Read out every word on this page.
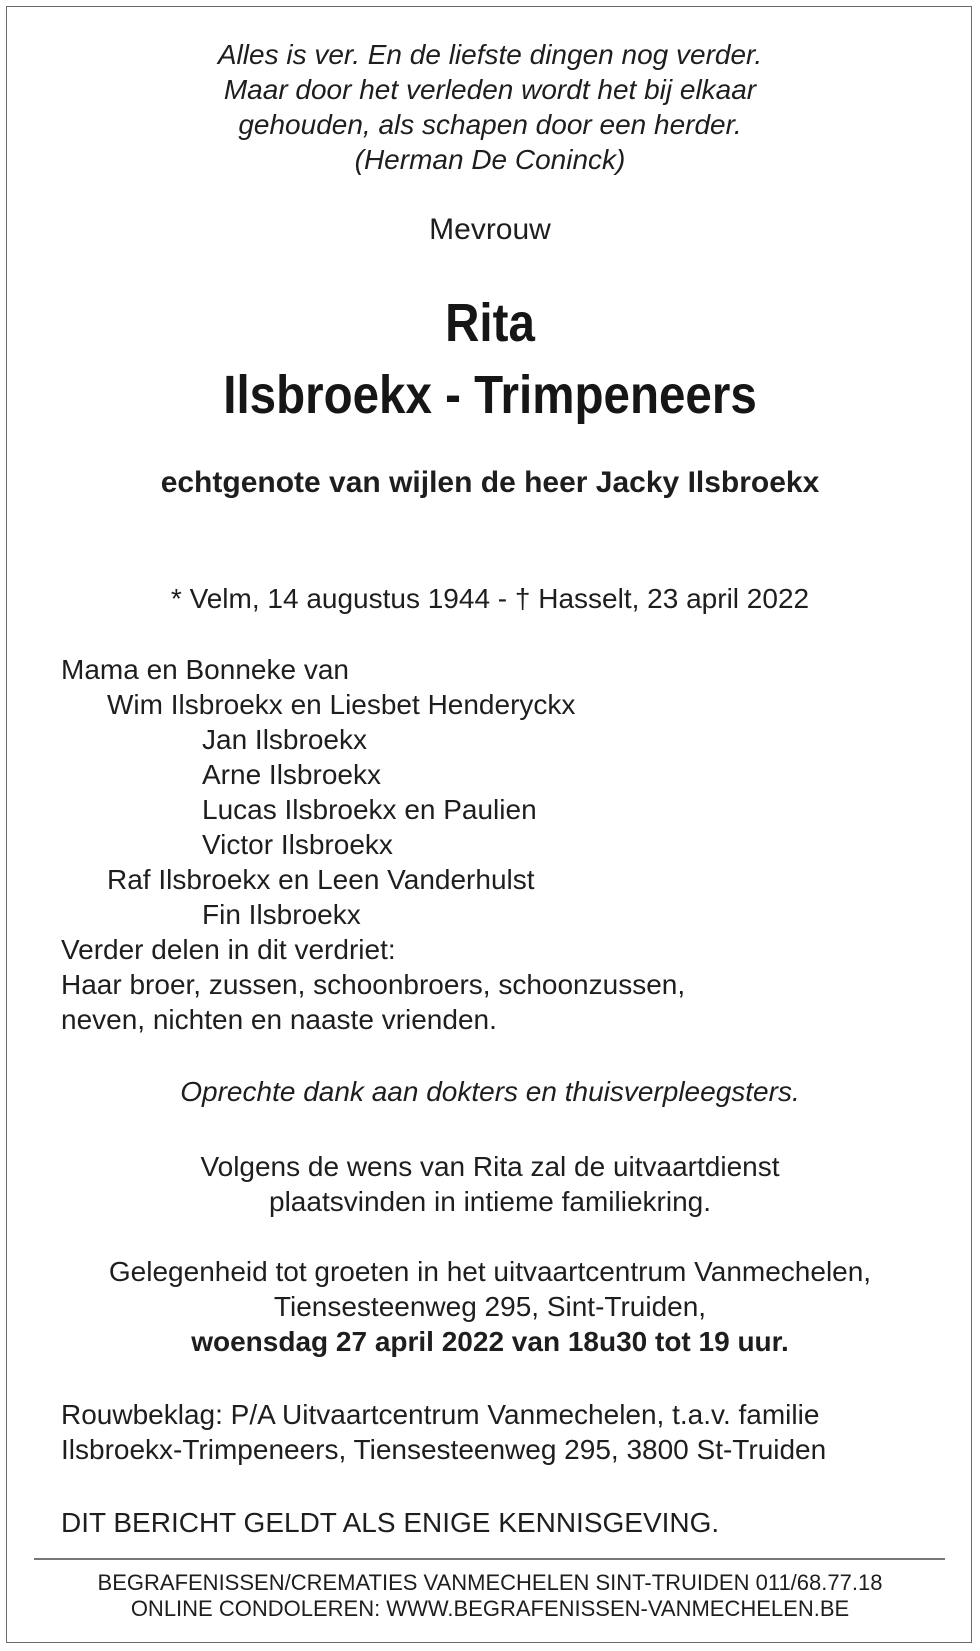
Alles is ver. En de liefste dingen nog verder.
Maar door het verleden wordt het bij elkaar
gehouden, als schapen door een herder.
(Herman De Coninck)
Mevrouw
Rita
Ilsbroekx - Trimpeneers
echtgenote van wijlen de heer Jacky Ilsbroekx
* Velm, 14 augustus 1944 - † Hasselt, 23 april 2022
Mama en Bonneke van
Wim Ilsbroekx en Liesbet Henderyckx
Jan Ilsbroekx
Arne Ilsbroekx
Lucas Ilsbroekx en Paulien
Victor Ilsbroekx
Raf Ilsbroekx en Leen Vanderhulst
Fin Ilsbroekx
Verder delen in dit verdriet:
Haar broer, zussen, schoonbroers, schoonzussen,
neven, nichten en naaste vrienden.
Oprechte dank aan dokters en thuisverpleegsters.
Volgens de wens van Rita zal de uitvaartdienst
plaatsvinden in intieme familiekring.
Gelegenheid tot groeten in het uitvaartcentrum Vanmechelen,
Tiensesteenweg 295, Sint-Truiden,
woensdag 27 april 2022 van 18u30 tot 19 uur.
Rouwbeklag: P/A Uitvaartcentrum Vanmechelen, t.a.v. familie
Ilsbroekx-Trimpeneers, Tiensesteenweg 295, 3800 St-Truiden
DIT BERICHT GELDT ALS ENIGE KENNISGEVING.
BEGRAFENISSEN/CREMATIES VANMECHELEN SINT-TRUIDEN 011/68.77.18
ONLINE CONDOLEREN: WWW.BEGRAFENISSEN-VANMECHELEN.BE
